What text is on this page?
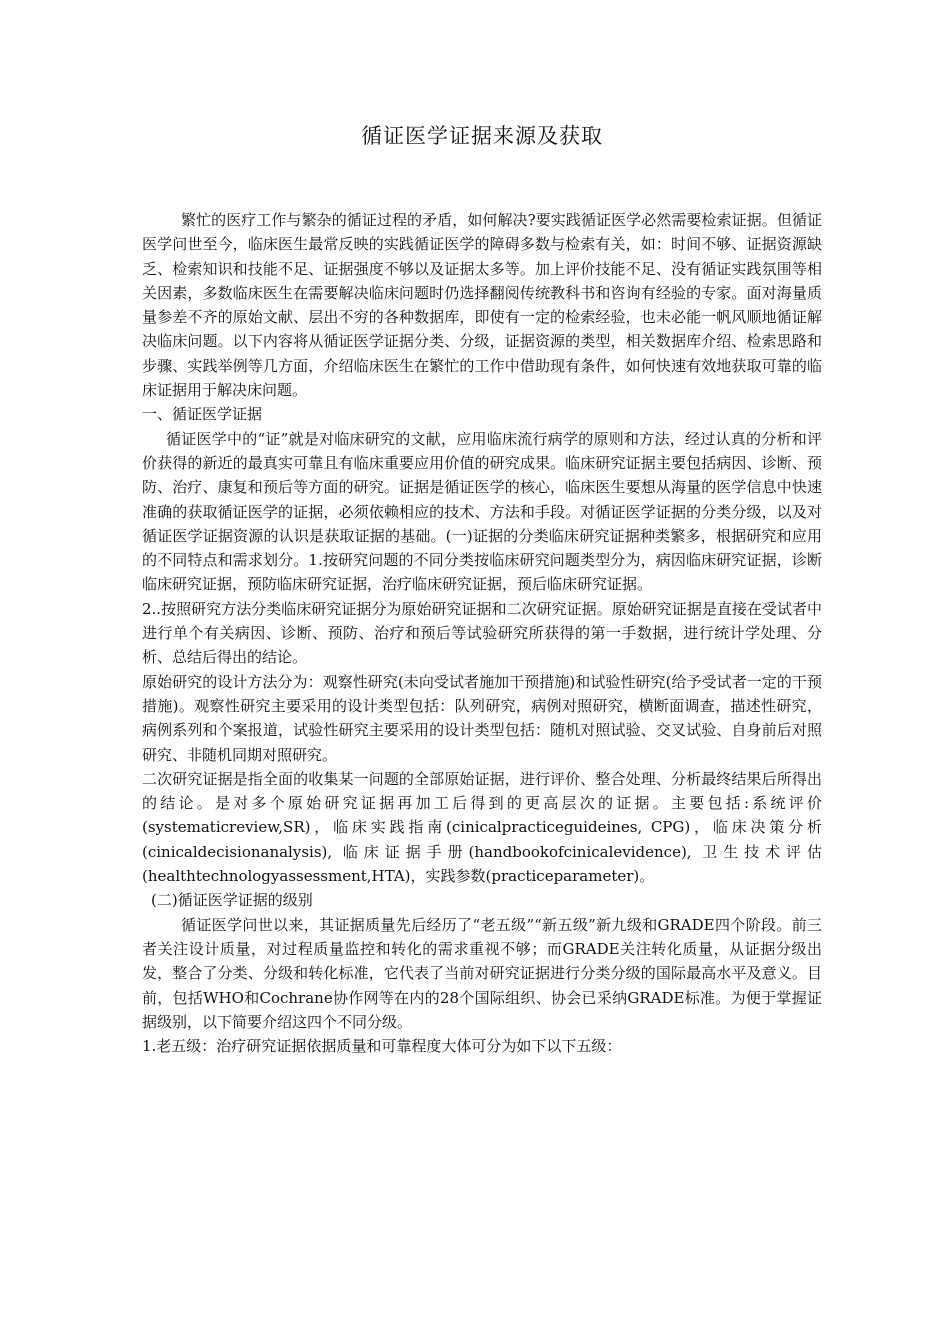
循证医学证据来源及获取

繁忙的医疗工作与繁杂的循证过程的矛盾，如何解决?要实践循证医学必然需要检索证据。但循证医学问世至今，临床医生最常反映的实践循证医学的障碍多数与检索有关，如：时间不够、证据资源缺乏、检索知识和技能不足、证据强度不够以及证据太多等。加上评价技能不足、没有循证实践氛围等相关因素，多数临床医生在需要解决临床问题时仍选择翻阅传统教科书和咨询有经验的专家。面对海量质量参差不齐的原始文献、层出不穷的各种数据库，即使有一定的检索经验，也未必能一帆风顺地循证解决临床问题。以下内容将从循证医学证据分类、分级，证据资源的类型，相关数据库介绍、检索思路和步骤、实践举例等几方面，介绍临床医生在繁忙的工作中借助现有条件，如何快速有效地获取可靠的临床证据用于解决床问题。

一、循证医学证据

循证医学中的“证”就是对临床研究的文献，应用临床流行病学的原则和方法，经过认真的分析和评价获得的新近的最真实可靠且有临床重要应用价值的研究成果。临床研究证据主要包括病因、诊断、预防、治疗、康复和预后等方面的研究。证据是循证医学的核心，临床医生要想从海量的医学信息中快速准确的获取循证医学的证据，必须依赖相应的技术、方法和手段。对循证医学证据的分类分级，以及对循证医学证据资源的认识是获取证据的基础。(一)证据的分类临床研究证据种类繁多，根据研究和应用的不同特点和需求划分。1.按研究问题的不同分类按临床研究问题类型分为，病因临床研究证据，诊断临床研究证据，预防临床研究证据，治疗临床研究证据，预后临床研究证据。

2..按照研究方法分类临床研究证据分为原始研究证据和二次研究证据。原始研究证据是直接在受试者中进行单个有关病因、诊断、预防、治疗和预后等试验研究所获得的第一手数据，进行统计学处理、分析、总结后得出的结论。

原始研究的设计方法分为：观察性研究(未向受试者施加干预措施)和试验性研究(给予受试者一定的干预措施)。观察性研究主要采用的设计类型包括：队列研究，病例对照研究，横断面调查，描述性研究，病例系列和个案报道，试验性研究主要采用的设计类型包括：随机对照试验、交叉试验、自身前后对照研究、非随机同期对照研究。

二次研究证据是指全面的收集某一问题的全部原始证据，进行评价、整合处理、分析最终结果后所得出的结论。是对多个原始研究证据再加工后得到的更高层次的证据。主要包括:系统评价(systematicreview,SR)，临床实践指南(cinicalpracticeguideines, CPG)，临床决策分析(cinicaldecisionanalysis), 临床证据手册(handbookofcinicalevidence), 卫生技术评估(healthtechnologyassessment,HTA)，实践参数(practiceparameter)。

(二)循证医学证据的级别

循证医学问世以来，其证据质量先后经历了“老五级”“新五级”新九级和GRADE四个阶段。前三者关注设计质量，对过程质量监控和转化的需求重视不够；而GRADE关注转化质量，从证据分级出发，整合了分类、分级和转化标准，它代表了当前对研究证据进行分类分级的国际最高水平及意义。目前，包括WHO和Cochrane协作网等在内的28个国际组织、协会已采纳GRADE标准。为便于掌握证据级别，以下简要介绍这四个不同分级。

1.老五级：治疗研究证据依据质量和可靠程度大体可分为如下以下五级：
